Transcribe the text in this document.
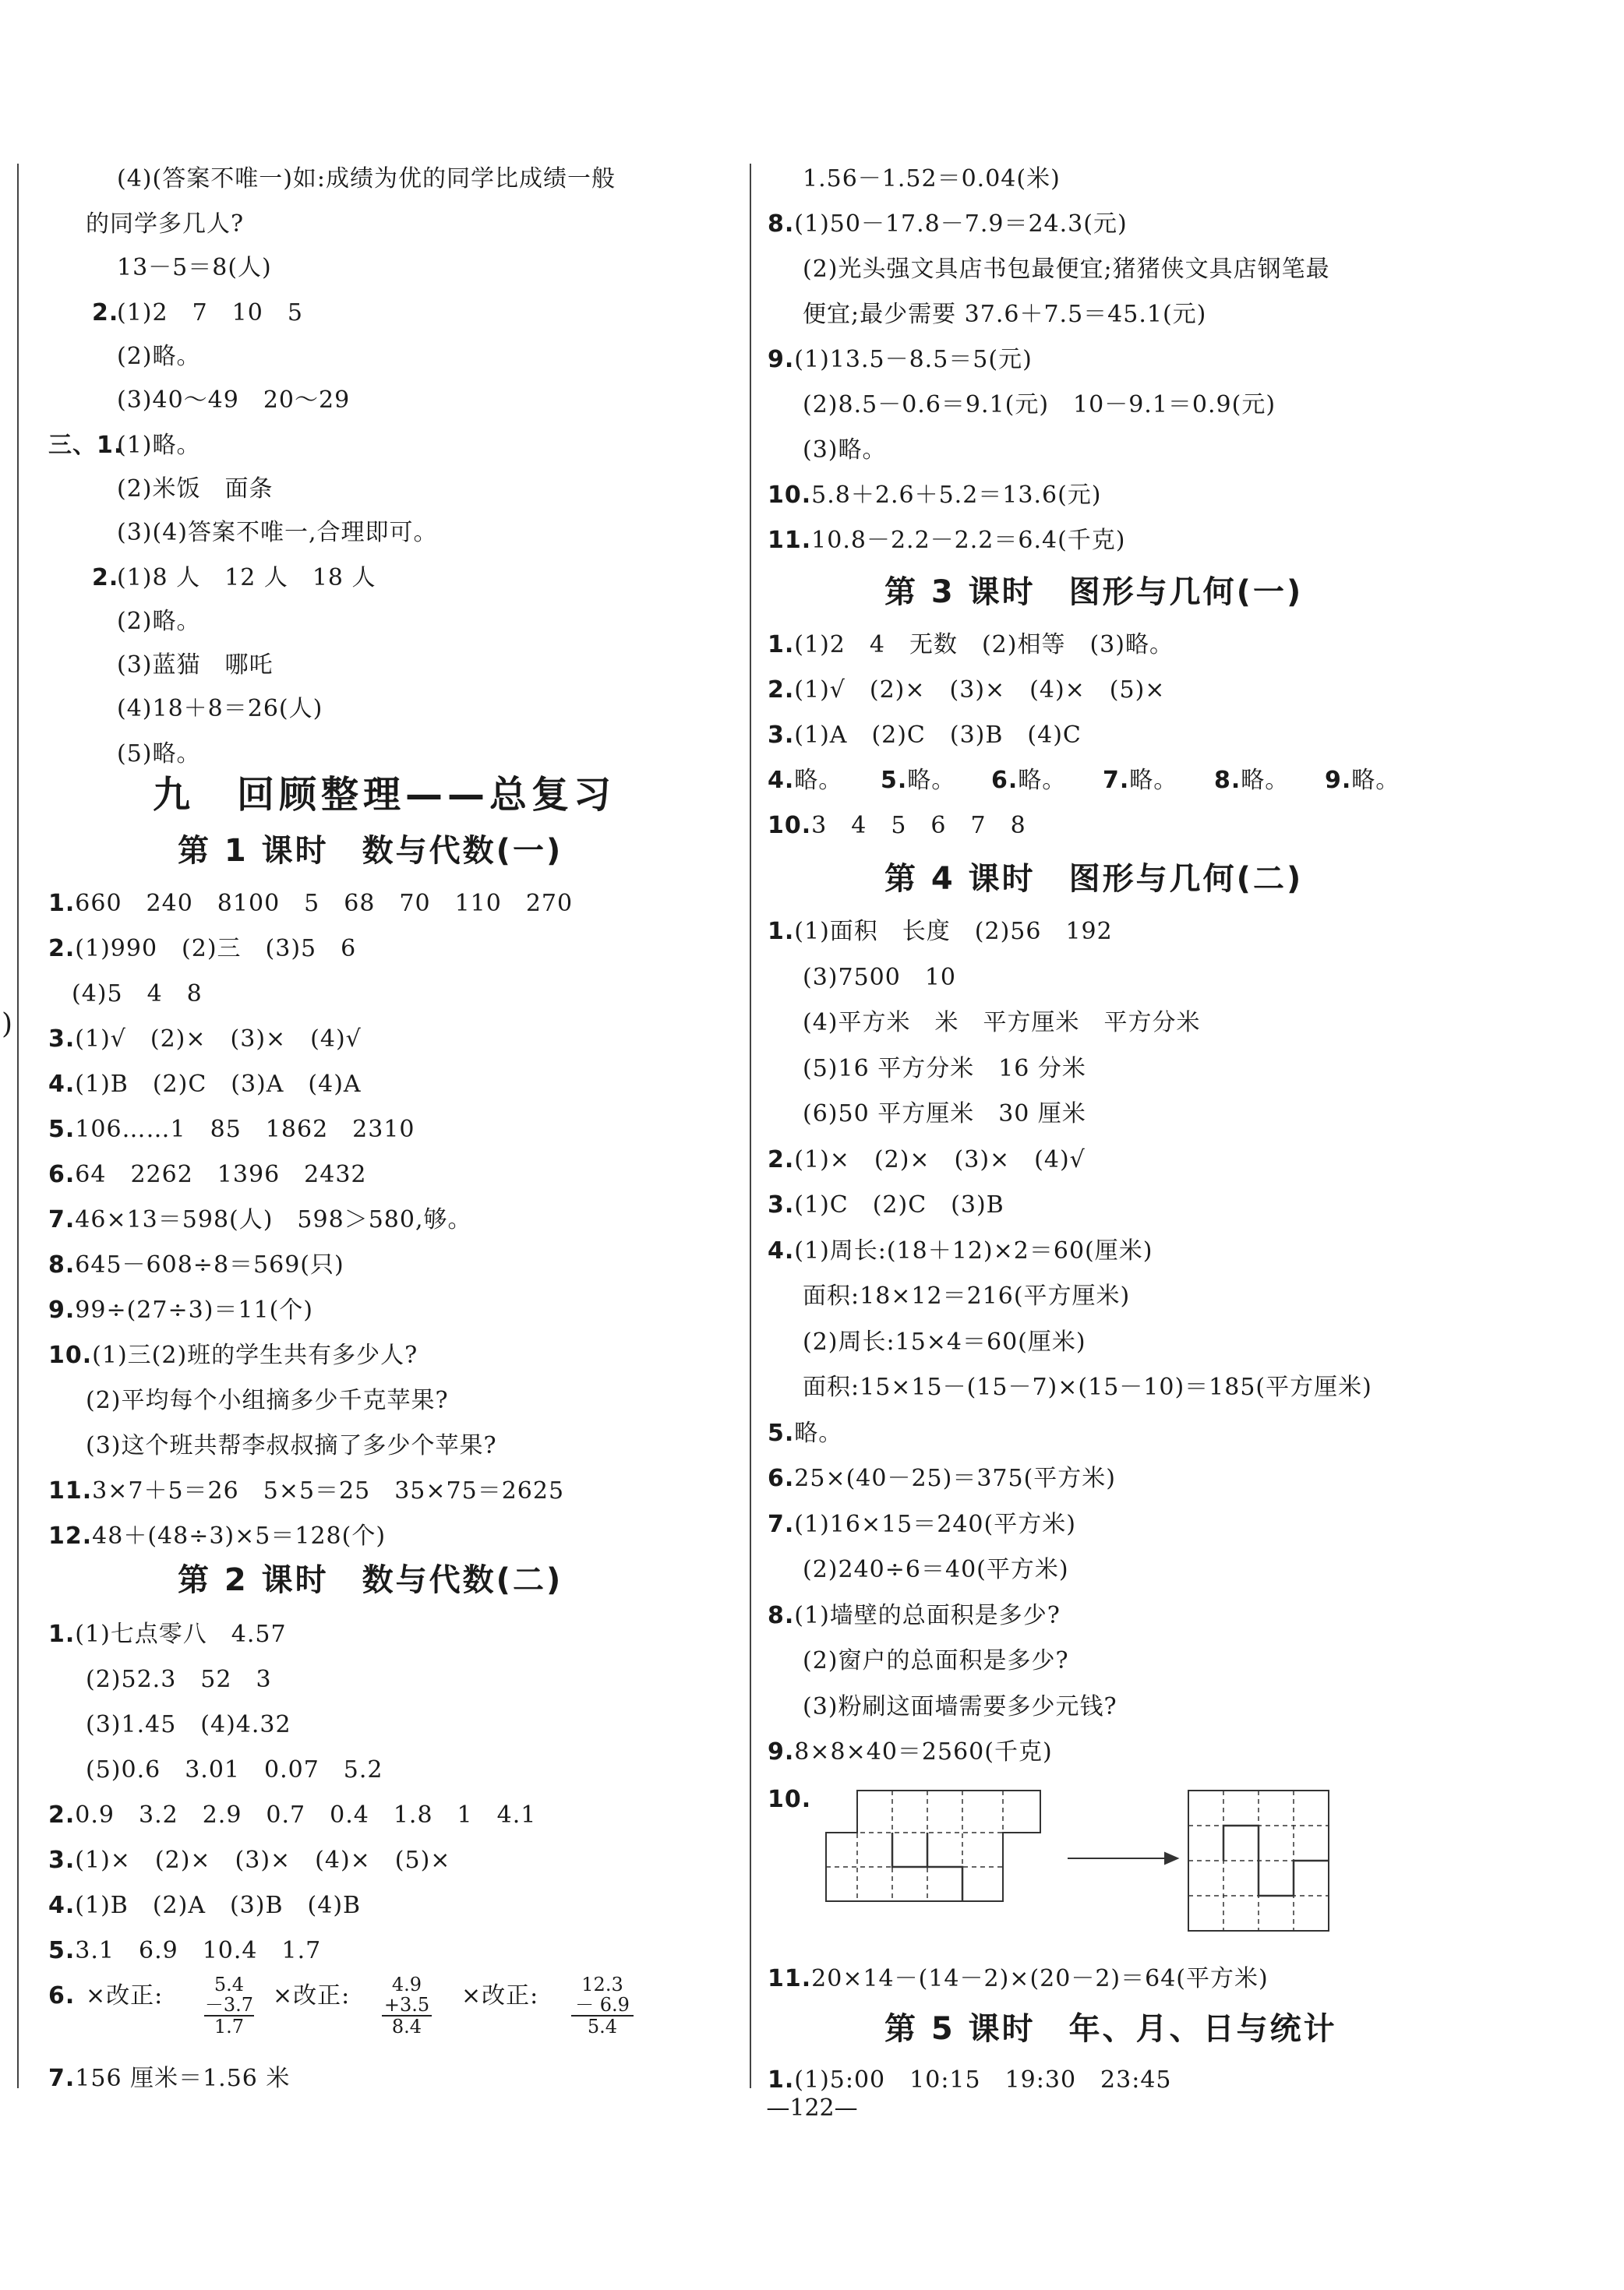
)
(4)(答案不唯一)如:成绩为优的同学比成绩一般
的同学多几人?
13－5＝8(人)
(1)2　7　10　5
(2)略。
(3)40～49　20～29
(1)略。
(2)米饭　面条
(3)(4)答案不唯一,合理即可。
(1)8 人　12 人　18 人
(2)略。
(3)蓝猫　哪吒
(4)18＋8＝26(人)
(5)略。
2.
三、1.
2.
九　回顾整理——总复习
第 1 课时　数与代数(一)
1.660　240　8100　5　68　70　110　270
2.(1)990　(2)三　(3)5　6
(4)5　4　8
3.(1)√　(2)×　(3)×　(4)√
4.(1)B　(2)C　(3)A　(4)A
5.106……1　85　1862　2310
6.64　2262　1396　2432
7.46×13＝598(人)　598＞580,够。
8.645－608÷8＝569(只)
9.99÷(27÷3)＝11(个)
10.(1)三(2)班的学生共有多少人?
(2)平均每个小组摘多少千克苹果?
(3)这个班共帮李叔叔摘了多少个苹果?
11.3×7＋5＝26　5×5＝25　35×75＝2625
12.48＋(48÷3)×5＝128(个)
第 2 课时　数与代数(二)
1.(1)七点零八　4.57
(2)52.3　52　3
(3)1.45　(4)4.32
(5)0.6　3.01　0.07　5.2
2.0.9　3.2　2.9　0.7　0.4　1.8　1　4.1
3.(1)×　(2)×　(3)×　(4)×　(5)×
4.(1)B　(2)A　(3)B　(4)B
5.3.1　6.9　10.4　1.7
1.56－1.52＝0.04(米)
8.(1)50－17.8－7.9＝24.3(元)
(2)光头强文具店书包最便宜;猪猪侠文具店钢笔最
便宜;最少需要 37.6＋7.5＝45.1(元)
9.(1)13.5－8.5＝5(元)
(2)8.5－0.6＝9.1(元)　10－9.1＝0.9(元)
(3)略。
10.5.8＋2.6＋5.2＝13.6(元)
11.10.8－2.2－2.2＝6.4(千克)
第 3 课时　图形与几何(一)
1.(1)2　4　无数　(2)相等　(3)略。
2.(1)√　(2)×　(3)×　(4)×　(5)×
3.(1)A　(2)C　(3)B　(4)C
4.略。 5.略。 6.略。 7.略。 8.略。 9.略。
10.3　4　5　6　7　8
第 4 课时　图形与几何(二)
1.(1)面积　长度　(2)56　192
(3)7500　10
(4)平方米　米　平方厘米　平方分米
(5)16 平方分米　16 分米
(6)50 平方厘米　30 厘米
2.(1)×　(2)×　(3)×　(4)√
3.(1)C　(2)C　(3)B
4.(1)周长:(18＋12)×2＝60(厘米)
面积:18×12＝216(平方厘米)
(2)周长:15×4＝60(厘米)
面积:15×15－(15－7)×(15－10)＝185(平方厘米)
5.略。
6.25×(40－25)＝375(平方米)
7.(1)16×15＝240(平方米)
(2)240÷6＝40(平方米)
8.(1)墙壁的总面积是多少?
(2)窗户的总面积是多少?
(3)粉刷这面墙需要多少元钱?
9.8×8×40＝2560(千克)
11.20×14－(14－2)×(20－2)＝64(平方米)
第 5 课时　年、月、日与统计
1.(1)5:00　10:15　19:30　23:45
6. ×改正:	5.4
－3.7
1.7
×改正:	4.9
+3.5
8.4
×改正:	12.3
－ 6.9
5.4
7.156 厘米＝1.56 米
10.
—122—
